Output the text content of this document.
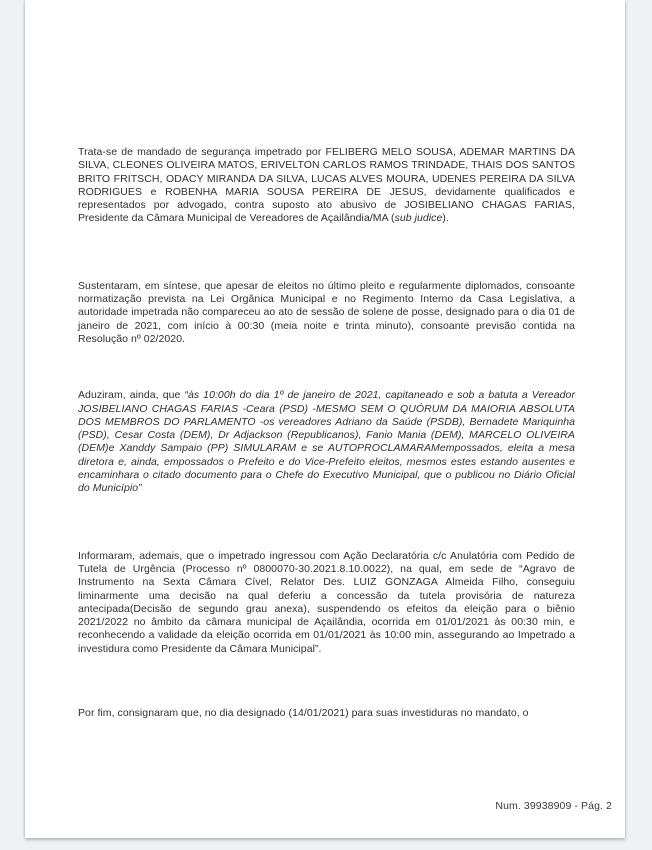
Trata-se de mandado de segurança impetrado por FELIBERG MELO SOUSA, ADEMAR MARTINS DA SILVA, CLEONES OLIVEIRA MATOS, ERIVELTON CARLOS RAMOS TRINDADE, THAIS DOS SANTOS BRITO FRITSCH, ODACY MIRANDA DA SILVA, LUCAS ALVES MOURA, UDENES PEREIRA DA SILVA RODRIGUES e ROBENHA MARIA SOUSA PEREIRA DE JESUS, devidamente qualificados e representados por advogado, contra suposto ato abusivo de JOSIBELIANO CHAGAS FARIAS, Presidente da Câmara Municipal de Vereadores de Açailândia/MA (sub judice).

Sustentaram, em síntese, que apesar de eleitos no último pleito e regularmente diplomados, consoante normatização prevista na Lei Orgânica Municipal e no Regimento Interno da Casa Legislativa, a autoridade impetrada não compareceu ao ato de sessão de solene de posse, designado para o dia 01 de janeiro de 2021, com início à 00:30 (meia noite e trinta minuto), consoante previsão contida na Resolução nº 02/2020.

Aduziram, ainda, que “às 10:00h do dia 1º de janeiro de 2021, capitaneado e sob a batuta a Vereador JOSIBELIANO CHAGAS FARIAS -Ceara (PSD) -MESMO SEM O QUÓRUM DA MAIORIA ABSOLUTA DOS MEMBROS DO PARLAMENTO -os vereadores Adriano da Saúde (PSDB), Bernadete Mariquinha (PSD), Cesar Costa (DEM), Dr Adjackson (Republicanos), Fanio Mania (DEM), MARCELO OLIVEIRA (DEM)e Xanddy Sampaio (PP) SIMULARAM e se AUTOPROCLAMARAMempossados, eleita a mesa diretora e, ainda, empossados o Prefeito e do Vice-Prefeito eleitos, mesmos estes estando ausentes e encaminhara o citado documento para o Chefe do Executivo Municipal, que o publicou no Diário Oficial do Município”

Informaram, ademais, que o impetrado ingressou com Ação Declaratória c/c Anulatória com Pedido de Tutela de Urgência (Processo nº 0800070-30.2021.8.10.0022), na qual, em sede de “Agravo de Instrumento na Sexta Câmara Cível, Relator Des. LUIZ GONZAGA Almeida Filho, conseguiu liminarmente uma decisão na qual deferiu a concessão da tutela provisória de natureza antecipada(Decisão de segundo grau anexa), suspendendo os efeitos da eleição para o biênio 2021/2022 no âmbito da câmara municipal de Açailândia, ocorrida em 01/01/2021 às 00:30 min, e reconhecendo a validade da eleição ocorrida em 01/01/2021 às 10:00 min, assegurando ao Impetrado a investidura como Presidente da Câmara Municipal”.

Por fim, consignaram que, no dia designado (14/01/2021) para suas investiduras no mandato, o

Num. 39938909 - Pág. 2
